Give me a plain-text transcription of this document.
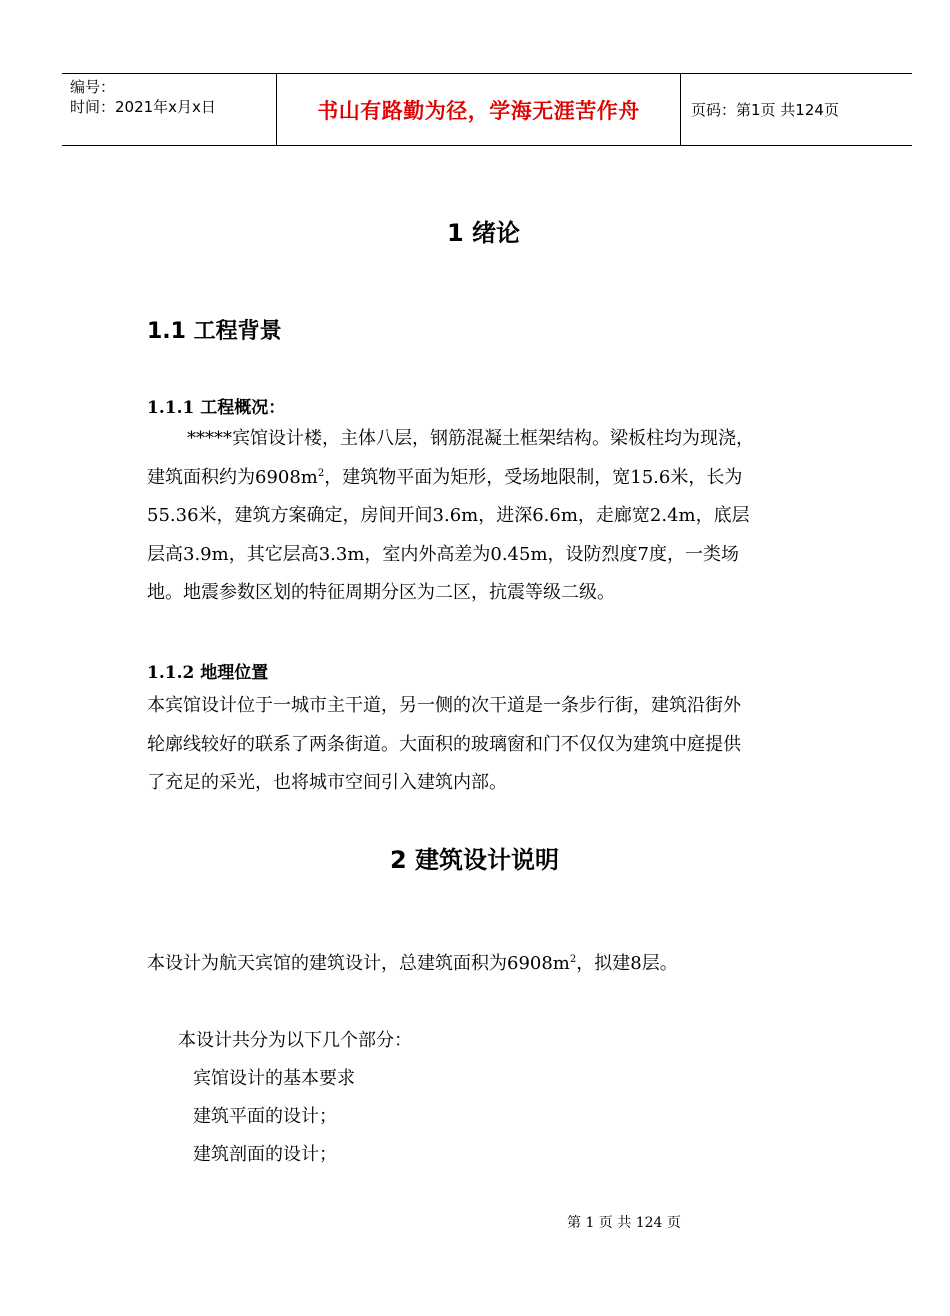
编号：
时间：2021年x月x日	书山有路勤为径，学海无涯苦作舟	页码：第1页 共124页
1 绪论
1.1 工程背景
1.1.1 工程概况：
*****宾馆设计楼，主体八层，钢筋混凝土框架结构。梁板柱均为现浇，
建筑面积约为$6908m^2$，建筑物平面为矩形，受场地限制，宽15.6米，长为
55.36米，建筑方案确定，房间开间3.6m，进深6.6m，走廊宽2.4m，底层
层高3.9m，其它层高3.3m，室内外高差为0.45m，设防烈度7度，一类场
地。地震参数区划的特征周期分区为二区，抗震等级二级。
1.1.2 地理位置
本宾馆设计位于一城市主干道，另一侧的次干道是一条步行街，建筑沿街外
轮廓线较好的联系了两条街道。大面积的玻璃窗和门不仅仅为建筑中庭提供
了充足的采光，也将城市空间引入建筑内部。
2 建筑设计说明
本设计为航天宾馆的建筑设计，总建筑面积为$6908m^2$，拟建8层。
本设计共分为以下几个部分：
宾馆设计的基本要求
建筑平面的设计；
建筑剖面的设计；
第 1 页 共 124 页
